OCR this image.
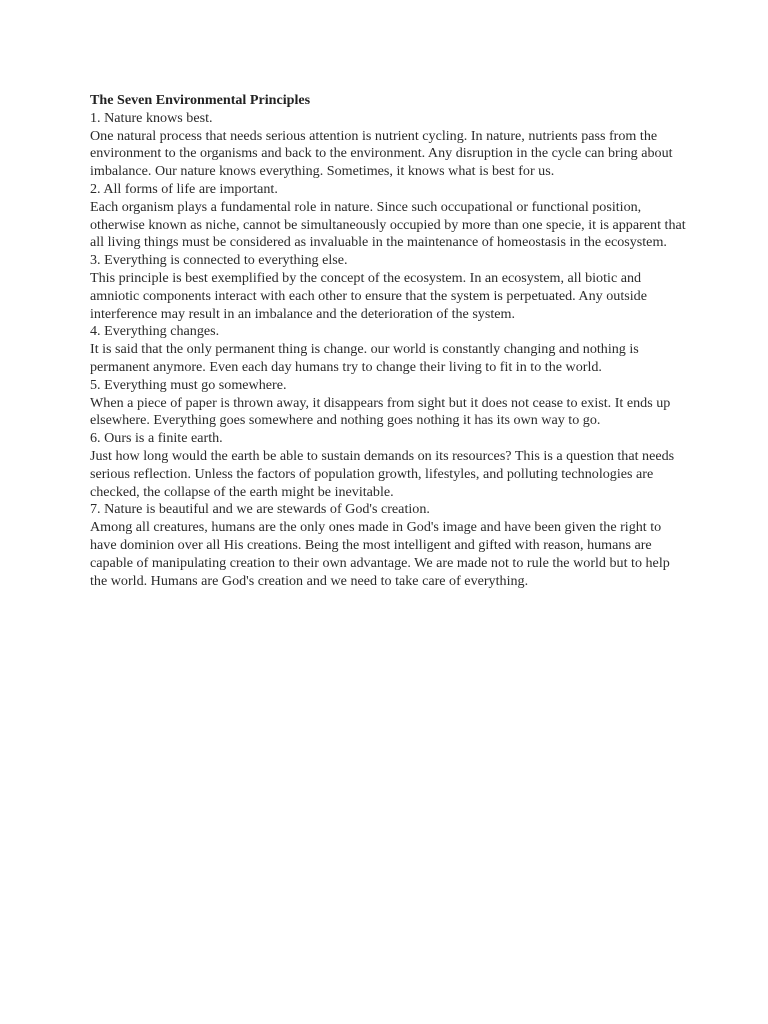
The Seven Environmental Principles

1. Nature knows best.

One natural process that needs serious attention is nutrient cycling. In nature, nutrients pass from the environment to the organisms and back to the environment. Any disruption in the cycle can bring about imbalance. Our nature knows everything. Sometimes, it knows what is best for us.

2. All forms of life are important.

Each organism plays a fundamental role in nature. Since such occupational or functional position, otherwise known as niche, cannot be simultaneously occupied by more than one specie, it is apparent that all living things must be considered as invaluable in the maintenance of homeostasis in the ecosystem.

3. Everything is connected to everything else.

This principle is best exemplified by the concept of the ecosystem. In an ecosystem, all biotic and amniotic components interact with each other to ensure that the system is perpetuated. Any outside interference may result in an imbalance and the deterioration of the system.

4. Everything changes.

It is said that the only permanent thing is change. our world is constantly changing and nothing is permanent anymore. Even each day humans try to change their living to fit in to the world.

5. Everything must go somewhere.

When a piece of paper is thrown away, it disappears from sight but it does not cease to exist. It ends up elsewhere. Everything goes somewhere and nothing goes nothing it has its own way to go.

6. Ours is a finite earth.

Just how long would the earth be able to sustain demands on its resources? This is a question that needs serious reflection. Unless the factors of population growth, lifestyles, and polluting technologies are checked, the collapse of the earth might be inevitable.

7. Nature is beautiful and we are stewards of God's creation.

Among all creatures, humans are the only ones made in God's image and have been given the right to have dominion over all His creations. Being the most intelligent and gifted with reason, humans are capable of manipulating creation to their own advantage. We are made not to rule the world but to help the world. Humans are God's creation and we need to take care of everything.
